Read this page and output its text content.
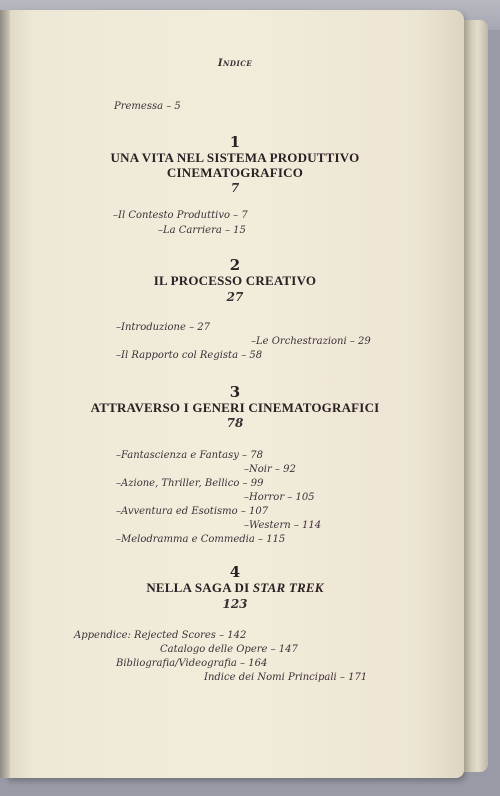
Indice
Premessa – 5
1
UNA VITA NEL SISTEMA PRODUTTIVO
CINEMATOGRAFICO
7
–Il Contesto Produttivo – 7
–La Carriera – 15
2
IL PROCESSO CREATIVO
27
–Introduzione – 27
–Le Orchestrazioni – 29
–Il Rapporto col Regista – 58
3
ATTRAVERSO I GENERI CINEMATOGRAFICI
78
–Fantascienza e Fantasy – 78
–Noir – 92
–Azione, Thriller, Bellico – 99
–Horror – 105
–Avventura ed Esotismo – 107
–Western – 114
–Melodramma e Commedia – 115
4
NELLA SAGA DI STAR TREK
123
Appendice: Rejected Scores – 142
Catalogo delle Opere – 147
Bibliografia/Videografia – 164
Indice dei Nomi Principali – 171
